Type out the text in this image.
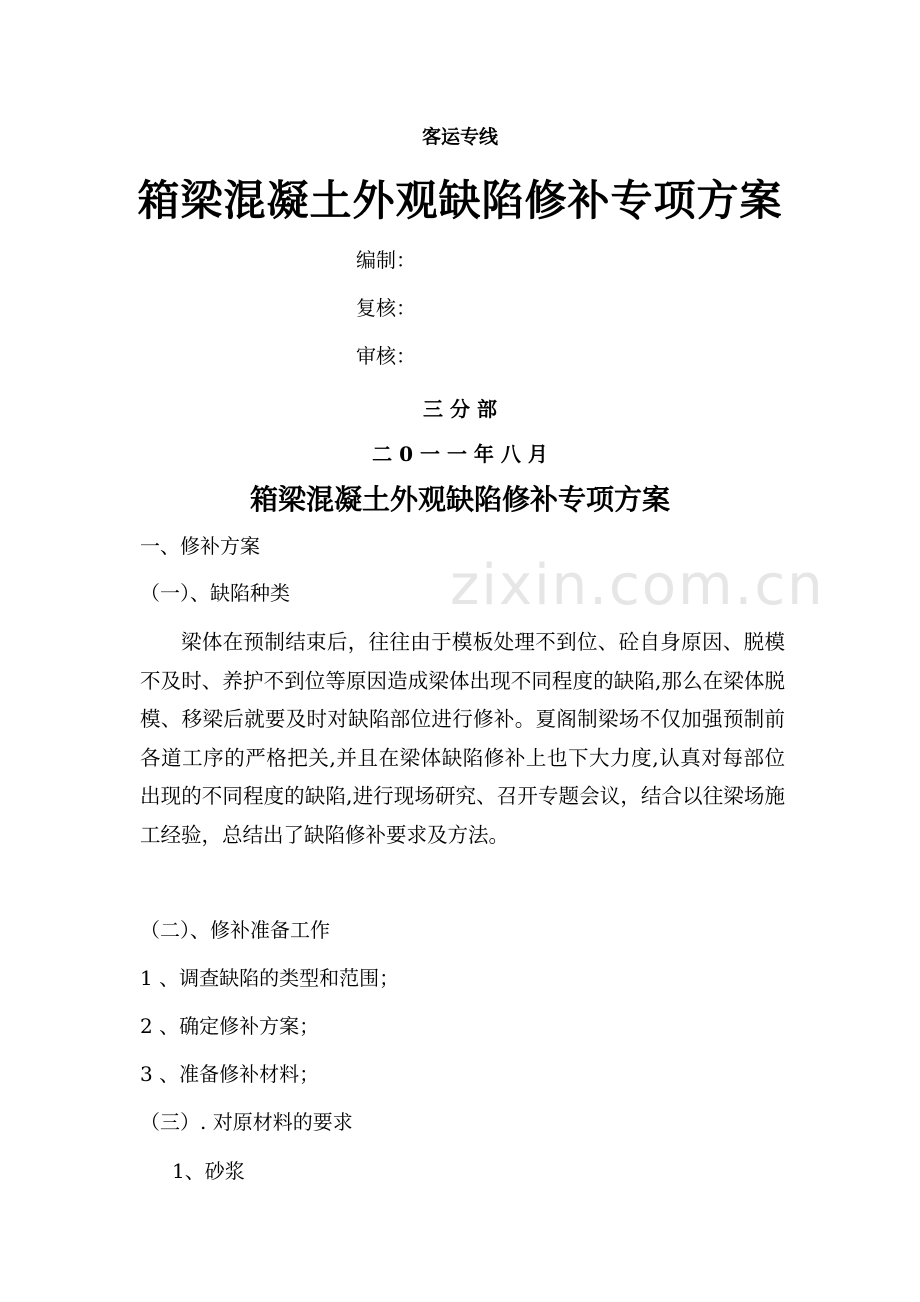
zixin.com.cn
客运专线
箱梁混凝土外观缺陷修补专项方案
编制：
复核：
审核：
三 分 部
二 0 一 一 年 八 月
箱梁混凝土外观缺陷修补专项方案
一、修补方案
（一）、缺陷种类
梁体在预制结束后，往往由于模板处理不到位、砼自身原因、脱模不及时、养护不到位等原因造成梁体出现不同程度的缺陷,那么在梁体脱模、移梁后就要及时对缺陷部位进行修补。夏阁制梁场不仅加强预制前各道工序的严格把关,并且在梁体缺陷修补上也下大力度,认真对每部位出现的不同程度的缺陷,进行现场研究、召开专题会议，结合以往梁场施工经验，总结出了缺陷修补要求及方法。
（二）、修补准备工作
1 、调查缺陷的类型和范围；
2 、确定修补方案；
3 、准备修补材料；
（三）. 对原材料的要求
1、砂浆
